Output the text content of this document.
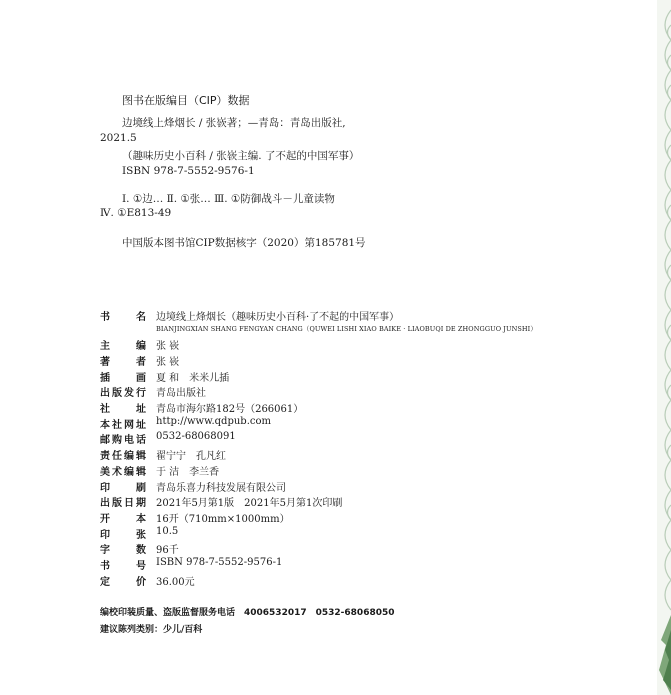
图书在版编目（CIP）数据
边境线上烽烟长 / 张嵚著；—青岛：青岛出版社,
2021.5
（趣味历史小百科 / 张嵚主编. 了不起的中国军事）
ISBN 978-7-5552-9576-1
Ⅰ. ①边… Ⅱ. ①张… Ⅲ. ①防御战斗－儿童读物
Ⅳ. ①E813-49
中国版本图书馆CIP数据核字（2020）第185781号
书　　名 边境线上烽烟长（趣味历史小百科·了不起的中国军事）
BIANJINGXIAN SHANG FENGYAN CHANG（QUWEI LISHI XIAO BAIKE · LIAOBUQI DE ZHONGGUO JUNSHI）
主　　编 张 嵚
著　　者 张 嵚
插　　画 夏 和　米米儿插
出版发行 青岛出版社
社　　址 青岛市海尔路182号（266061）
本社网址 http://www.qdpub.com
邮购电话 0532-68068091
责任编辑 翟宁宁　孔凡红
美术编辑 于 洁　李兰香
印　　刷 青岛乐喜力科技发展有限公司
出版日期 2021年5月第1版　2021年5月第1次印刷
开　　本 16开（710mm×1000mm）
印　　张 10.5
字　　数 96千
书　　号 ISBN 978-7-5552-9576-1
定　　价 36.00元
编校印装质量、盗版监督服务电话　4006532017　0532-68068050
建议陈列类别：少儿/百科
